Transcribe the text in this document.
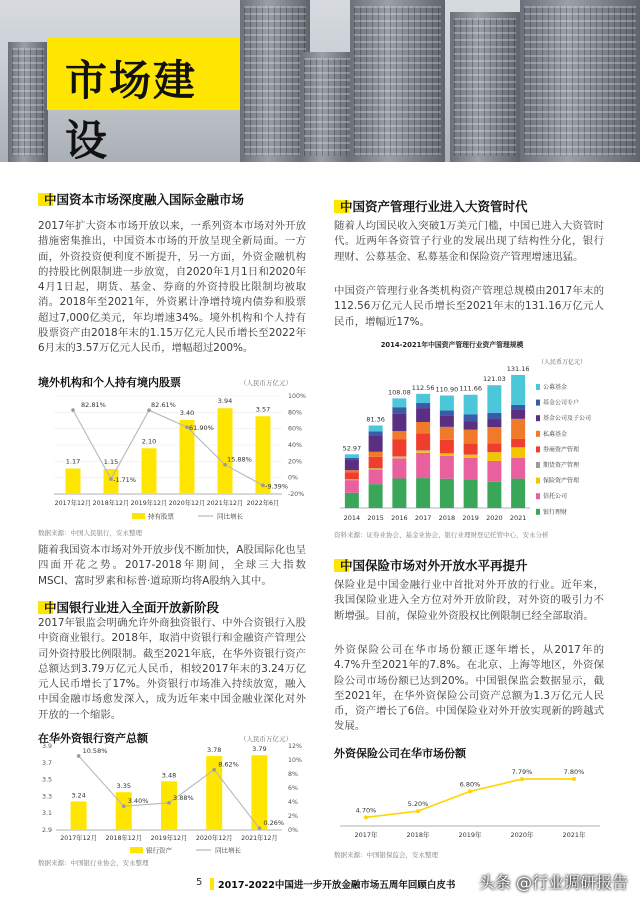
市场建设
中国资本市场深度融入国际金融市场
2017年扩大资本市场开放以来，一系列资本市场对外开放措施密集推出，中国资本市场的开放呈现全新局面。一方面，外资投资便利度不断提升，另一方面，外资金融机构的持股比例限制进一步放宽，自2020年1月1日和2020年4月1日起，期货、基金、券商的外资持股比限制均被取消。2018年至2021年，外资累计净增持境内债券和股票超过7,000亿美元，年均增速34%。境外机构和个人持有股票资产由2018年末的1.15万亿元人民币增长至2022年6月末的3.57万亿元人民币，增幅超过200%。
境外机构和个人持有境内股票	（人民币万亿元）
100%
80%
60%
40%
20%
0%
-20%
1.17
2017年12月
1.15
2018年12月
2.10
2019年12月
3.40
2020年12月
3.94
2021年12月
3.57
2022年6月
82.81%
-1.71%
82.61%
61.90%
15.88%
-9.39%
持有股票	同比增长
数据来源：中国人民银行，安永整理
随着我国资本市场对外开放步伐不断加快，A股国际化也呈四面开花之势。2017-2018年期间，全球三大指数MSCI、富时罗素和标普·道琼斯均将A股纳入其中。
中国银行业进入全面开放新阶段
2017年银监会明确允许外商独资银行、中外合资银行入股中资商业银行。2018年，取消中资银行和金融资产管理公司外资持股比例限制。截至2021年底，在华外资银行资产总额达到3.79万亿元人民币，相较2017年末的3.24万亿元人民币增长了17%。外资银行市场准入持续放宽，融入中国金融市场愈发深入，成为近年来中国金融业深化对外开放的一个缩影。
在华外资银行资产总额	（人民币万亿元）
3.9
3.7
3.5
3.3
3.1
2.9
12%
10%
8%
6%
4%
2%
0%
3.24
2017年12月
3.35
2018年12月
3.48
2019年12月
3.78
2020年12月
3.79
2021年12月
10.58%
3.40%	3.88%
8.62%
0.26%
银行资产	同比增长
数据来源：中国银行业协会，安永整理
中国资产管理行业进入大资管时代
随着人均国民收入突破1万美元门槛，中国已进入大资管时代。近两年各资管子行业的发展出现了结构性分化，银行理财、公募基金、私募基金和保险资产管理增速迅猛。
中国资产管理行业各类机构资产管理总规模由2017年末的112.56万亿元人民币增长至2021年末的131.16万亿元人民币，增幅近17%。
2014-2021年中国资产管理行业资产管理规模
（人民币万亿元）
52.97
2014
81.36
2015
108.08
2016
112.56
2017
110.90
2018
111.66
2019
121.03
2020
131.16
2021
公募基金
基金公司专户
基金公司及子公司
私募基金
券商资产管理
期货资产管理
保险资产管理
信托公司
银行理财
资料来源：证券业协会、基金业协会、银行业理财登记托管中心，安永分析
中国保险市场对外开放水平再提升
保险业是中国金融行业中首批对外开放的行业。近年来，我国保险业进入全方位对外开放阶段，对外资的吸引力不断增强。目前，保险业外资股权比例限制已经全部取消。
外资保险公司在华市场份额正逐年增长，从2017年的4.7%升至2021年的7.8%。在北京、上海等地区，外资保险公司市场份额已达到20%。中国银保监会数据显示，截至2021年，在华外资保险公司资产总额为1.3万亿元人民币，资产增长了6倍。中国保险业对外开放实现新的跨越式发展。
外资保险公司在华市场份额
2017年	2018年	2019年	2020年	2021年
4.70%
5.20%
6.80%
7.79%	7.80%
数据来源：中国银保监会，安永整理
5 2017-2022中国进一步开放金融市场五周年回顾白皮书 头条 @行业调研报告
